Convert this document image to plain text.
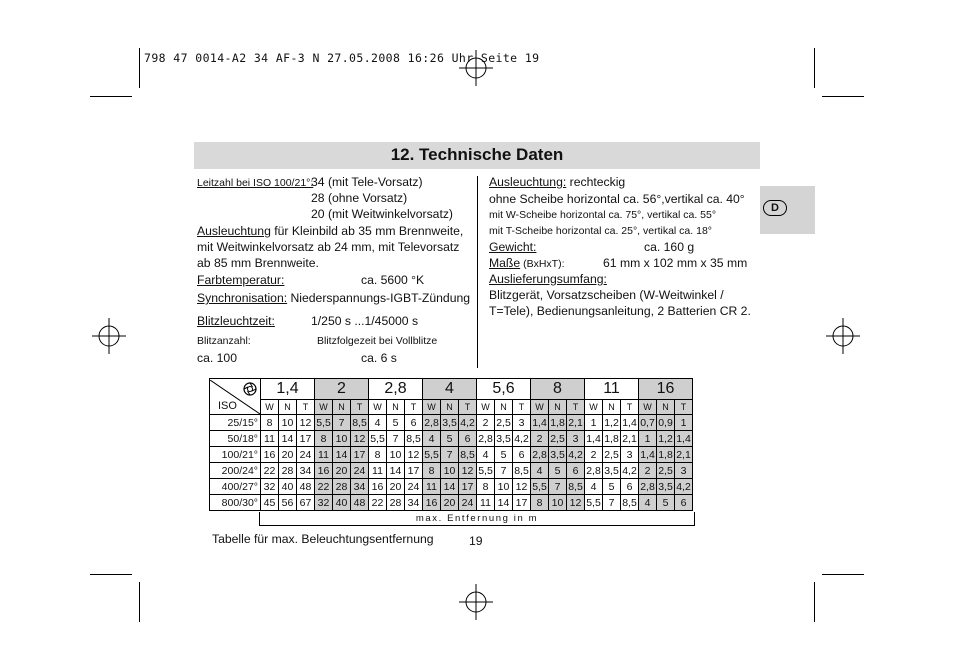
798 47 0014-A2 34 AF-3 N 27.05.2008 16:26 Uhr Seite 19
12. Technische Daten
D
Leitzahl bei ISO 100/21°:
34 (mit Tele-Vorsatz)
28 (ohne Vorsatz)
20 (mit Weitwinkelvorsatz)
Ausleuchtung für Kleinbild ab 35 mm Brennweite,
mit Weitwinkelvorsatz ab 24 mm, mit Televorsatz
ab 85 mm Brennweite.
Farbtemperatur:	ca. 5600 °K
Synchronisation: Niederspannungs-IGBT-Zündung
Blitzleuchtzeit:	1/250 s ...1/45000 s
Blitzanzahl:	Blitzfolgezeit bei Vollblitze
ca. 100	ca. 6 s
Ausleuchtung: rechteckig
ohne Scheibe horizontal ca. 56°,vertikal ca. 40°
mit W-Scheibe horizontal ca. 75°, vertikal ca. 55°
mit T-Scheibe horizontal ca. 25°, vertikal ca. 18°
Gewicht:	ca. 160 g
Maße (BxHxT):	61 mm x 102 mm x 35 mm
Auslieferungsumfang:
Blitzgerät, Vorsatzscheiben (W-Weitwinkel /
T=Tele), Bedienungsanleitung, 2 Batterien CR 2.
ISO	1,4			2			2,8			4			5,6			8			11			16		
	W	N	T	W	N	T	W	N	T	W	N	T	W	N	T	W	N	T	W	N	T	W	N	T
25/15°	8	10	12	5,5	7	8,5	4	5	6	2,8	3,5	4,2	2	2,5	3	1,4	1,8	2,1	1	1,2	1,4	0,7	0,9	1
50/18°	11	14	17	8	10	12	5,5	7	8,5	4	5	6	2,8	3,5	4,2	2	2,5	3	1,4	1,8	2,1	1	1,2	1,4
100/21°	16	20	24	11	14	17	8	10	12	5,5	7	8,5	4	5	6	2,8	3,5	4,2	2	2,5	3	1,4	1,8	2,1
200/24°	22	28	34	16	20	24	11	14	17	8	10	12	5,5	7	8,5	4	5	6	2,8	3,5	4,2	2	2,5	3
400/27°	32	40	48	22	28	34	16	20	24	11	14	17	8	10	12	5,5	7	8,5	4	5	6	2,8	3,5	4,2
800/30°	45	56	67	32	40	48	22	28	34	16	20	24	11	14	17	8	10	12	5,5	7	8,5	4	5	6
max. Entfernung in m
Tabelle für max. Beleuchtungsentfernung	19
